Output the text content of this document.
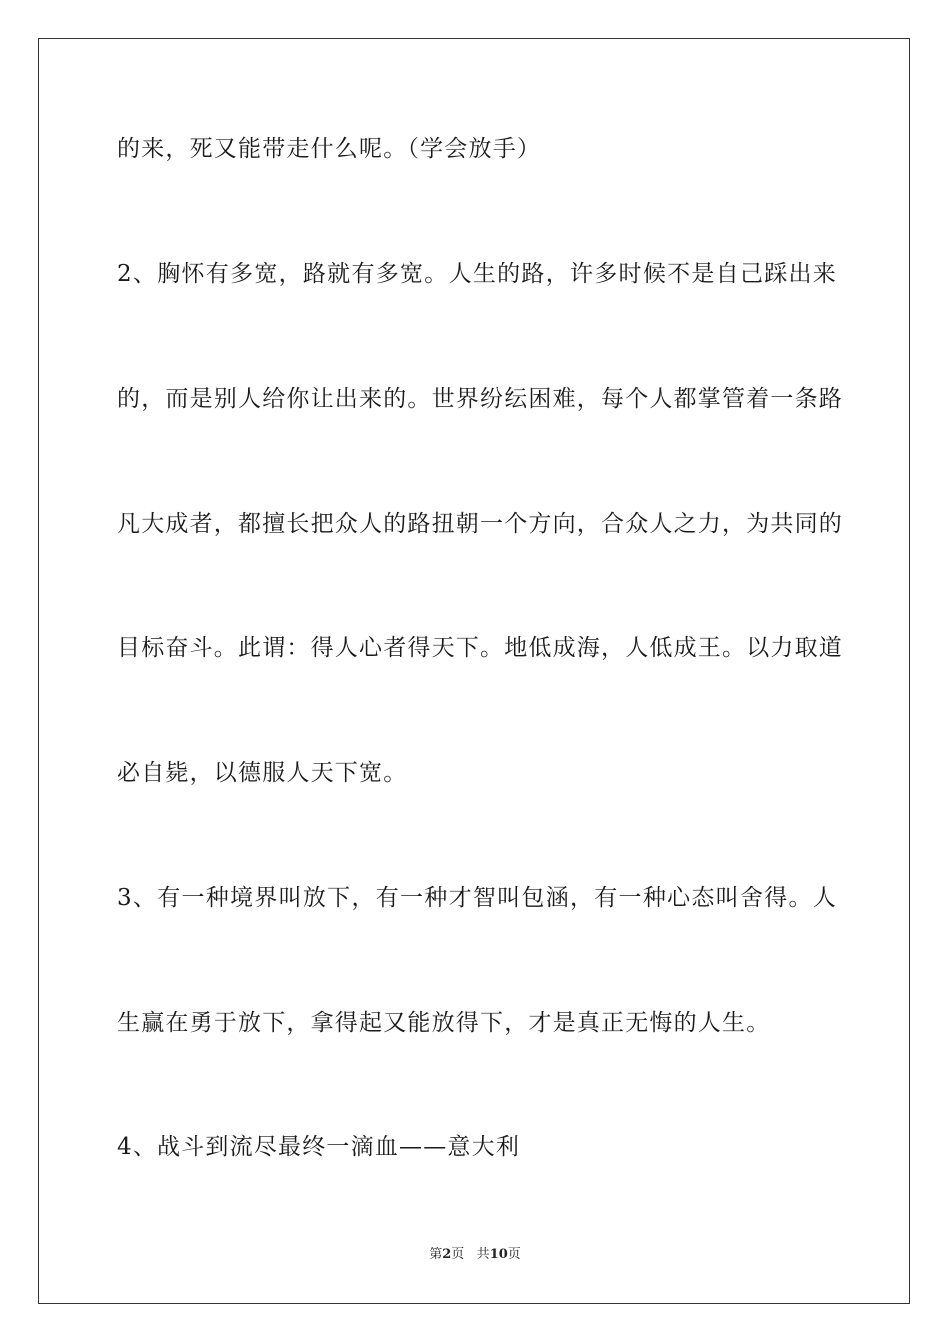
的来，死又能带走什么呢。（学会放手）
2、胸怀有多宽，路就有多宽。人生的路，许多时候不是自己踩出来
的，而是别人给你让出来的。世界纷纭困难，每个人都掌管着一条路
凡大成者，都擅长把众人的路扭朝一个方向，合众人之力，为共同的
目标奋斗。此谓：得人心者得天下。地低成海，人低成王。以力取道
必自毙，以德服人天下宽。
3、有一种境界叫放下，有一种才智叫包涵，有一种心态叫舍得。人
生赢在勇于放下，拿得起又能放得下，才是真正无悔的人生。
4、战斗到流尽最终一滴血——意大利
第2页 共10页
